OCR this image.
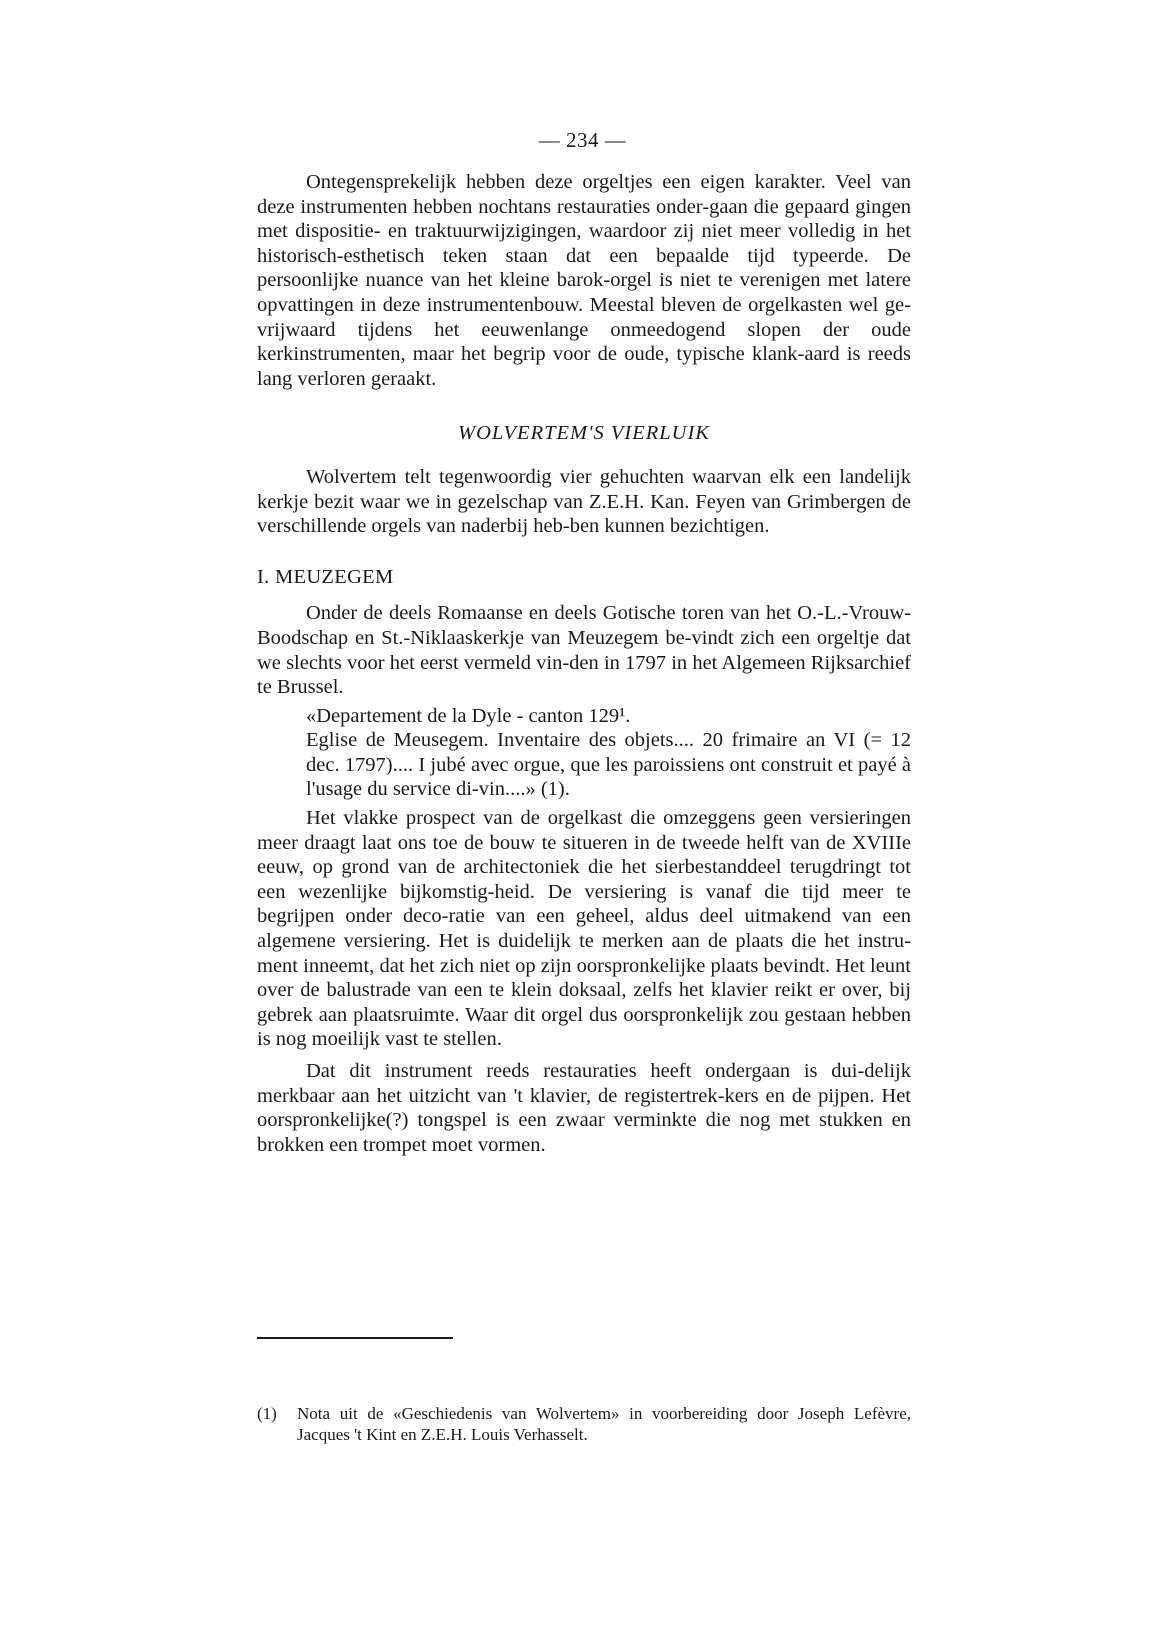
— 234 —

Ontegensprekelijk hebben deze orgeltjes een eigen karakter. Veel van deze instrumenten hebben nochtans restauraties onder-gaan die gepaard gingen met dispositie- en traktuurwijzigingen, waardoor zij niet meer volledig in het historisch-esthetisch teken staan dat een bepaalde tijd typeerde. De persoonlijke nuance van het kleine barok-orgel is niet te verenigen met latere opvattingen in deze instrumentenbouw. Meestal bleven de orgelkasten wel ge-vrijwaard tijdens het eeuwenlange onmeedogend slopen der oude kerkinstrumenten, maar het begrip voor de oude, typische klank-aard is reeds lang verloren geraakt.

WOLVERTEM'S VIERLUIK

Wolvertem telt tegenwoordig vier gehuchten waarvan elk een landelijk kerkje bezit waar we in gezelschap van Z.E.H. Kan. Feyen van Grimbergen de verschillende orgels van naderbij heb-ben kunnen bezichtigen.

I. MEUZEGEM

Onder de deels Romaanse en deels Gotische toren van het O.-L.-Vrouw-Boodschap en St.-Niklaaskerkje van Meuzegem be-vindt zich een orgeltje dat we slechts voor het eerst vermeld vin-den in 1797 in het Algemeen Rijksarchief te Brussel.

«Departement de la Dyle - canton 129¹.

Eglise de Meusegem. Inventaire des objets.... 20 frimaire an VI (= 12 dec. 1797).... I jubé avec orgue, que les paroissiens ont construit et payé à l'usage du service di-vin....» (1).

Het vlakke prospect van de orgelkast die omzeggens geen versieringen meer draagt laat ons toe de bouw te situeren in de tweede helft van de XVIIIe eeuw, op grond van de architectoniek die het sierbestanddeel terugdringt tot een wezenlijke bijkomstig-heid. De versiering is vanaf die tijd meer te begrijpen onder deco-ratie van een geheel, aldus deel uitmakend van een algemene versiering. Het is duidelijk te merken aan de plaats die het instru-ment inneemt, dat het zich niet op zijn oorspronkelijke plaats bevindt. Het leunt over de balustrade van een te klein doksaal, zelfs het klavier reikt er over, bij gebrek aan plaatsruimte. Waar dit orgel dus oorspronkelijk zou gestaan hebben is nog moeilijk vast te stellen.

Dat dit instrument reeds restauraties heeft ondergaan is dui-delijk merkbaar aan het uitzicht van 't klavier, de registertrek-kers en de pijpen. Het oorspronkelijke(?) tongspel is een zwaar verminkte die nog met stukken en brokken een trompet moet vormen.

(1) Nota uit de «Geschiedenis van Wolvertem» in voorbereiding door Joseph Lefèvre, Jacques 't Kint en Z.E.H. Louis Verhasselt.
